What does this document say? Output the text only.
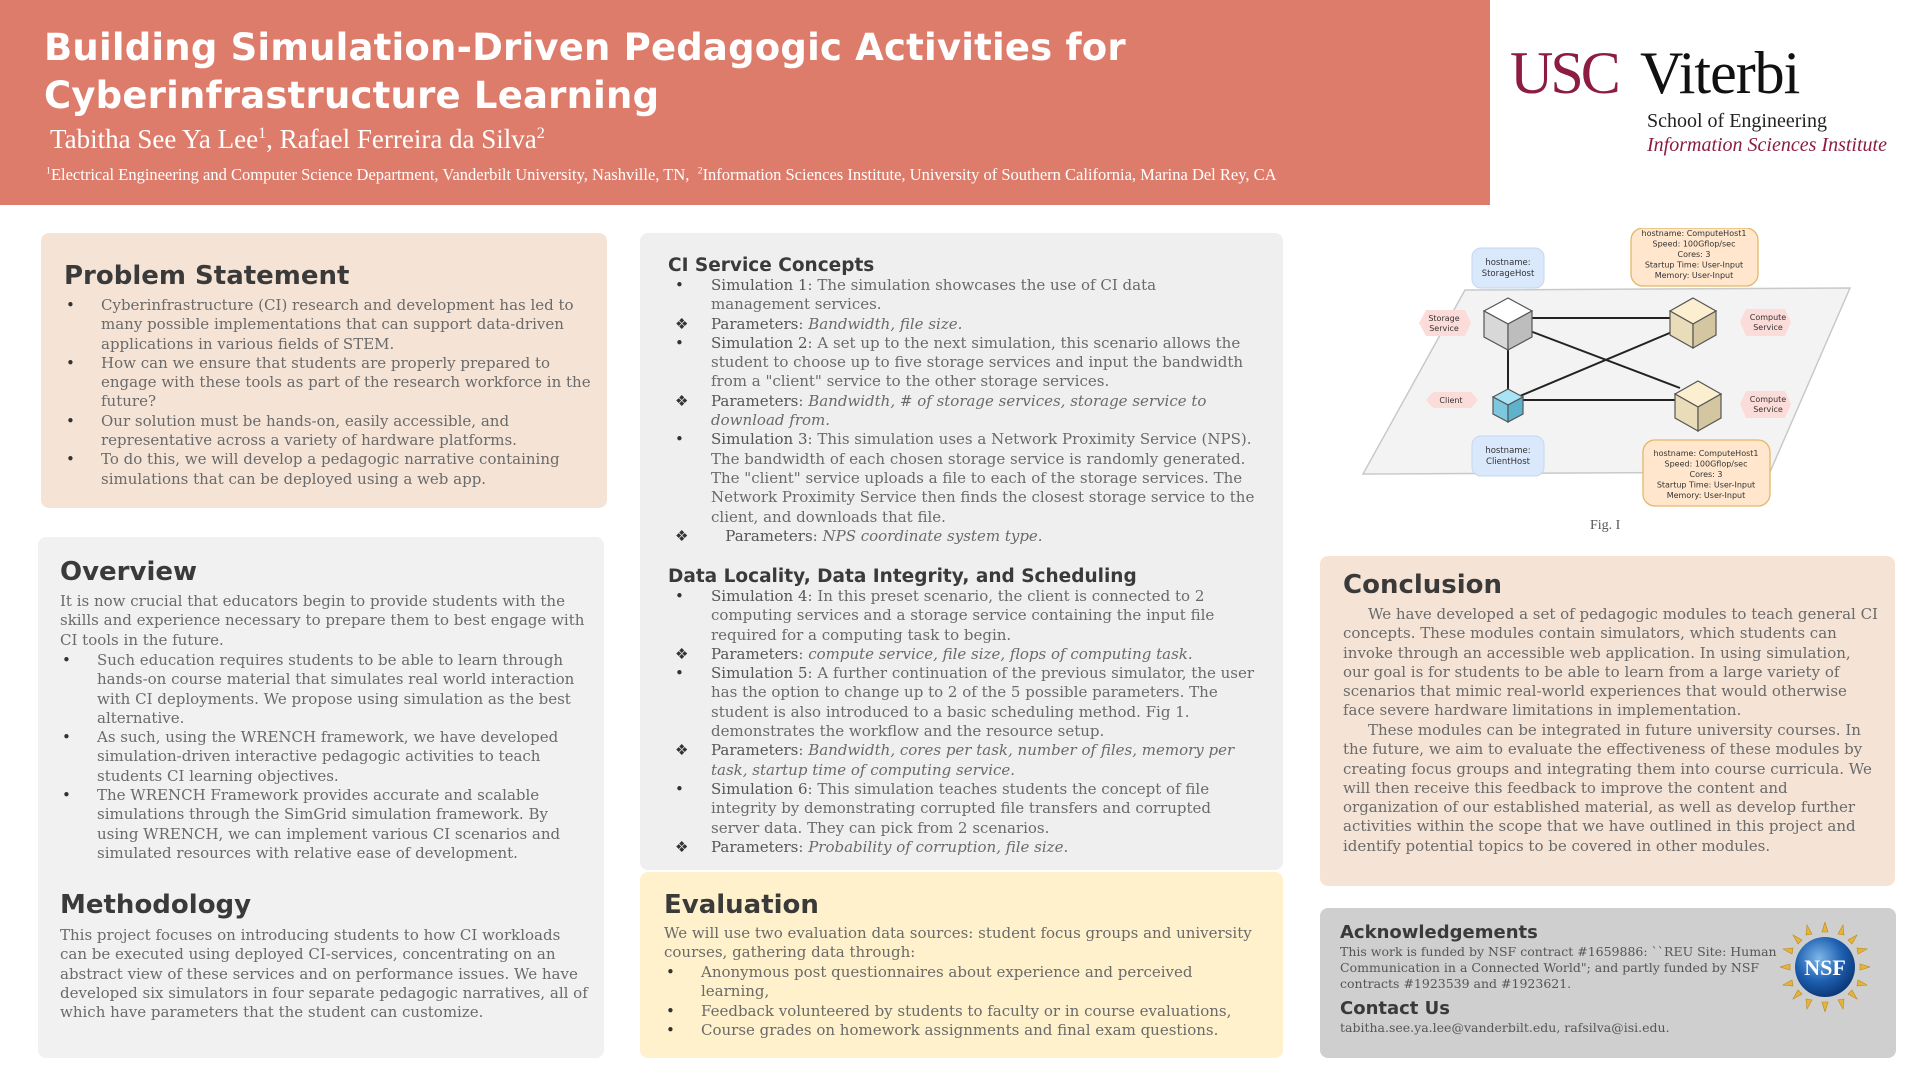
Building Simulation-Driven Pedagogic Activities for
Cyberinfrastructure Learning
Tabitha See Ya Lee$^1$, Rafael Ferreira da Silva$^2$
$^1$Electrical Engineering and Computer Science Department, Vanderbilt University, Nashville, TN,  $^2$Information Sciences Institute, University of Southern California, Marina Del Rey, CA
USC Viterbi
School of Engineering
Information Sciences Institute
Problem Statement
• Cyberinfrastructure (CI) research and development has led to many possible implementations that can support data-driven applications in various fields of STEM.
• How can we ensure that students are properly prepared to engage with these tools as part of the research workforce in the future?
• Our solution must be hands-on, easily accessible, and representative across a variety of hardware platforms.
• To do this, we will develop a pedagogic narrative containing simulations that can be deployed using a web app.
Overview
It is now crucial that educators begin to provide students with the skills and experience necessary to prepare them to best engage with CI tools in the future.
• Such education requires students to be able to learn through hands-on course material that simulates real world interaction with CI deployments. We propose using simulation as the best alternative.
• As such, using the WRENCH framework, we have developed simulation-driven interactive pedagogic activities to teach students CI learning objectives.
• The WRENCH Framework provides accurate and scalable simulations through the SimGrid simulation framework. By using WRENCH, we can implement various CI scenarios and simulated resources with relative ease of development.
Methodology
This project focuses on introducing students to how CI workloads can be executed using deployed CI-services, concentrating on an abstract view of these services and on performance issues. We have developed six simulators in four separate pedagogic narratives, all of which have parameters that the student can customize.
CI Service Concepts
• Simulation 1: The simulation showcases the use of CI data management services.
❖ Parameters: Bandwidth, file size.
• Simulation 2: A set up to the next simulation, this scenario allows the student to choose up to five storage services and input the bandwidth from a "client" service to the other storage services.
❖ Parameters: Bandwidth, # of storage services, storage service to download from.
• Simulation 3: This simulation uses a Network Proximity Service (NPS). The bandwidth of each chosen storage service is randomly generated. The "client" service uploads a file to each of the storage services. The Network Proximity Service then finds the closest storage service to the client, and downloads that file.
❖ Parameters: NPS coordinate system type.
Data Locality, Data Integrity, and Scheduling
• Simulation 4: In this preset scenario, the client is connected to 2 computing services and a storage service containing the input file required for a computing task to begin.
❖ Parameters: compute service, file size, flops of computing task.
• Simulation 5: A further continuation of the previous simulator, the user has the option to change up to 2 of the 5 possible parameters. The student is also introduced to a basic scheduling method. Fig 1. demonstrates the workflow and the resource setup.
❖ Parameters: Bandwidth, cores per task, number of files, memory per task, startup time of computing service.
• Simulation 6: This simulation teaches students the concept of file integrity by demonstrating corrupted file transfers and corrupted server data. They can pick from 2 scenarios.
❖ Parameters: Probability of corruption, file size.
Evaluation
We will use two evaluation data sources: student focus groups and university courses, gathering data through:
• Anonymous post questionnaires about experience and perceived learning,
• Feedback volunteered by students to faculty or in course evaluations,
• Course grades on homework assignments and final exam questions.
hostname:
StorageHost
hostname:
ClientHost
hostname: ComputeHost1
Speed: 100Gflop/sec
Cores: 3
Startup Time: User-Input
Memory: User-Input
hostname: ComputeHost1
Speed: 100Gflop/sec
Cores: 3
Startup Time: User-Input
Memory: User-Input
Storage
Service
Client
Compute
Service
Compute
Service
Fig. I
Conclusion
We have developed a set of pedagogic modules to teach general CI concepts. These modules contain simulators, which students can invoke through an accessible web application. In using simulation, our goal is for students to be able to learn from a large variety of scenarios that mimic real-world experiences that would otherwise face severe hardware limitations in implementation.
These modules can be integrated in future university courses. In the future, we aim to evaluate the effectiveness of these modules by creating focus groups and integrating them into course curricula. We will then receive this feedback to improve the content and organization of our established material, as well as develop further activities within the scope that we have outlined in this project and identify potential topics to be covered in other modules.
Acknowledgements
This work is funded by NSF contract #1659886: ``REU Site: Human Communication in a Connected World"; and partly funded by NSF contracts #1923539 and #1923621.
Contact Us
tabitha.see.ya.lee@vanderbilt.edu, rafsilva@isi.edu.
NSF
